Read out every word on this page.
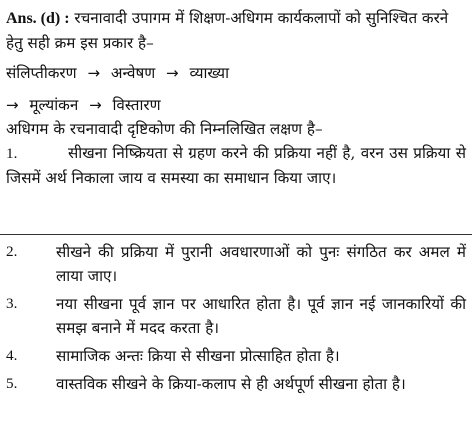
Ans. (d) : रचनावादी उपागम में शिक्षण-अधिगम कार्यकलापों को सुनिश्चित करने हेतु सही क्रम इस प्रकार है–
संलिप्तीकरण → अन्वेषण → व्याख्या
→ मूल्यांकन → विस्तारण
अधिगम के रचनावादी दृष्टिकोण की निम्नलिखित लक्षण है–
1.	सीखना निष्क्रियता से ग्रहण करने की प्रक्रिया नहीं है, वरन उस प्रक्रिया से जिसमें अर्थ निकाला जाय व समस्या का समाधान किया जाए।
2.	सीखने की प्रक्रिया में पुरानी अवधारणाओं को पुनः संगठित कर अमल में लाया जाए।
3.	नया सीखना पूर्व ज्ञान पर आधारित होता है। पूर्व ज्ञान नई जानकारियों की समझ बनाने में मदद करता है।
4.	सामाजिक अन्तः क्रिया से सीखना प्रोत्साहित होता है।
5.	वास्तविक सीखने के क्रिया-कलाप से ही अर्थपूर्ण सीखना होता है।
